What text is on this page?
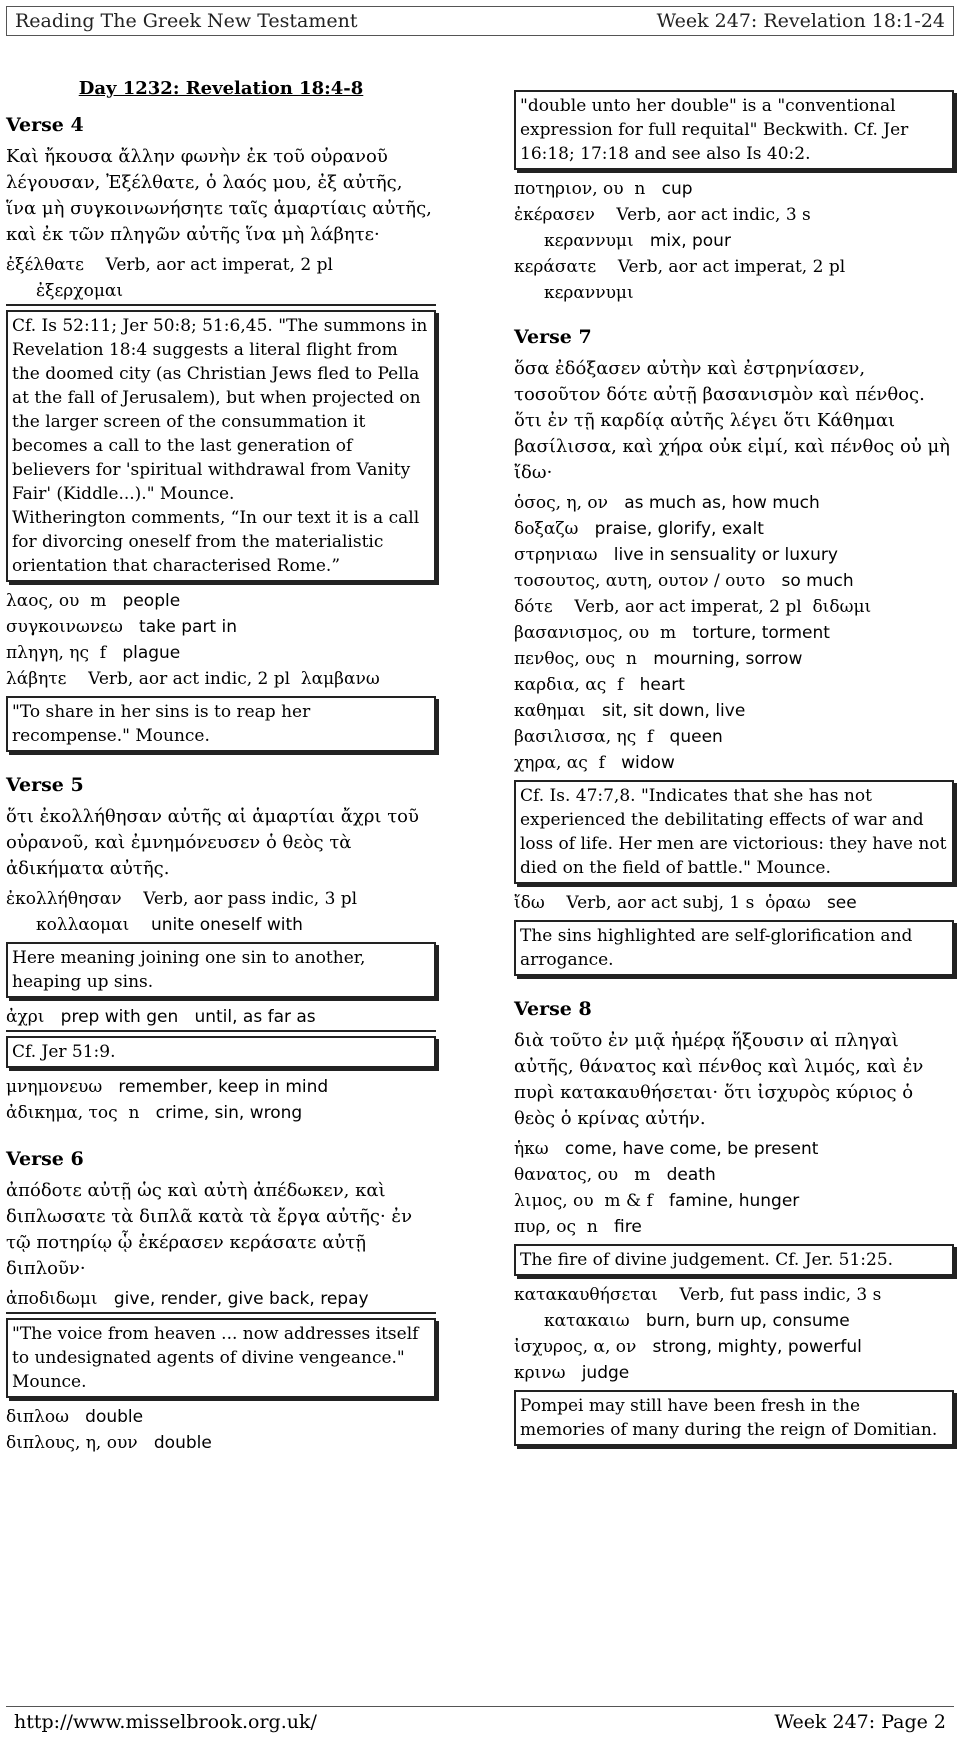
Reading The Greek New Testament	Week 247: Revelation 18:1-24
Day 1232: Revelation 18:4-8
Verse 4
Καὶ ἤκουσα ἄλλην φωνὴν ἐκ τοῦ οὐρανοῦ λέγουσαν, Ἐξέλθατε, ὁ λαός μου, ἐξ αὐτῆς, ἵνα μὴ συγκοινωνήσητε ταῖς ἁμαρτίαις αὐτῆς, καὶ ἐκ τῶν πληγῶν αὐτῆς ἵνα μὴ λάβητε·
ἐξέλθατε Verb, aor act imperat, 2 pl
ἐξερχομαι
Cf. Is 52:11; Jer 50:8; 51:6,45. "The summons in Revelation 18:4 suggests a literal flight from the doomed city (as Christian Jews fled to Pella at the fall of Jerusalem), but when projected on the larger screen of the consummation it becomes a call to the last generation of believers for 'spiritual withdrawal from Vanity Fair' (Kiddle...)." Mounce.
Witherington comments, “In our text it is a call for divorcing oneself from the materialistic orientation that characterised Rome.”
λαος, ου  m people
συγκοινωνεω take part in
πληγη, ης  f plague
λάβητε Verb, aor act indic, 2 pl  λαμβανω
"To share in her sins is to reap her recompense." Mounce.
Verse 5
ὅτι ἐκολλήθησαν αὐτῆς αἱ ἁμαρτίαι ἄχρι τοῦ οὐρανοῦ, καὶ ἐμνημόνευσεν ὁ θεὸς τὰ ἀδικήματα αὐτῆς.
ἐκολλήθησαν Verb, aor pass indic, 3 pl
κολλαομαι unite oneself with
Here meaning joining one sin to another, heaping up sins.
ἀχρι prep with gen   until, as far as
Cf. Jer 51:9.
μνημονευω remember, keep in mind
ἀδικημα, τος  n crime, sin, wrong
Verse 6
ἀπόδοτε αὐτῇ ὡς καὶ αὐτὴ ἀπέδωκεν, καὶ διπλωσατε τὰ διπλᾶ κατὰ τὰ ἔργα αὐτῆς· ἐν τῷ ποτηρίῳ ᾧ ἐκέρασεν κεράσατε αὐτῇ διπλοῦν·
ἀποδιδωμι give, render, give back, repay
"The voice from heaven ... now addresses itself to undesignated agents of divine vengeance." Mounce.
διπλοω double
διπλους, η, ουν double
"double unto her double" is a "conventional expression for full requital" Beckwith. Cf. Jer 16:18; 17:18 and see also Is 40:2.
ποτηριον, ου  n cup
ἐκέρασεν Verb, aor act indic, 3 s
κεραννυμι mix, pour
κεράσατε Verb, aor act imperat, 2 pl
κεραννυμι
Verse 7
ὅσα ἐδόξασεν αὐτὴν καὶ ἐστρηνίασεν, τοσοῦτον δότε αὐτῇ βασανισμὸν καὶ πένθος. ὅτι ἐν τῇ καρδίᾳ αὐτῆς λέγει ὅτι Κάθημαι βασίλισσα, καὶ χήρα οὐκ εἰμί, καὶ πένθος οὐ μὴ ἴδω·
ὁσος, η, ον as much as, how much
δοξαζω praise, glorify, exalt
στρηνιαω live in sensuality or luxury
τοσουτος, αυτη, ουτον / ουτο so much
δότε Verb, aor act imperat, 2 pl  διδωμι
βασανισμος, ου  m torture, torment
πενθος, ους  n mourning, sorrow
καρδια, ας  f heart
καθημαι sit, sit down, live
βασιλισσα, ης  f queen
χηρα, ας  f widow
Cf. Is. 47:7,8. "Indicates that she has not experienced the debilitating effects of war and loss of life. Her men are victorious: they have not died on the field of battle." Mounce.
ἴδω Verb, aor act subj, 1 s  ὁραω see
The sins highlighted are self-glorification and arrogance.
Verse 8
διὰ τοῦτο ἐν μιᾷ ἡμέρᾳ ἥξουσιν αἱ πληγαὶ αὐτῆς, θάνατος καὶ πένθος καὶ λιμός, καὶ ἐν πυρὶ κατακαυθήσεται· ὅτι ἰσχυρὸς κύριος ὁ θεὸς ὁ κρίνας αὐτήν.
ἡκω come, have come, be present
θανατος, ου   m death
λιμος, ου  m & f famine, hunger
πυρ, ος  n fire
The fire of divine judgement. Cf. Jer. 51:25.
κατακαυθήσεται Verb, fut pass indic, 3 s
κατακαιω burn, burn up, consume
ἰσχυρος, α, ον strong, mighty, powerful
κρινω judge
Pompei may still have been fresh in the memories of many during the reign of Domitian.
http://www.misselbrook.org.uk/	Week 247: Page 2
